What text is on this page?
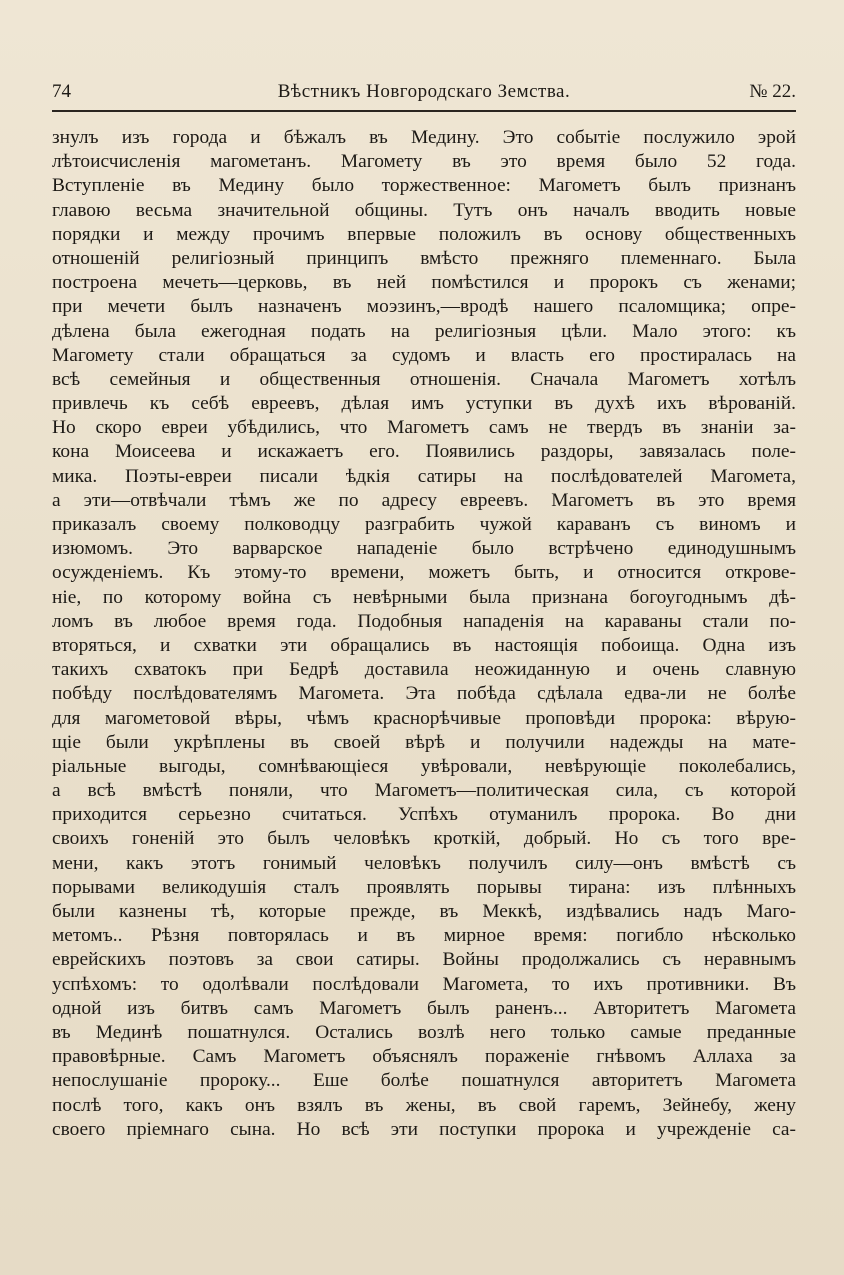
74	Вѣстникъ Новгородскаго Земства.	№ 22.
знулъ изъ города и бѣжалъ въ Медину. Это событіе послужило эрой
лѣтоисчисленія магометанъ. Магомету въ это время было 52 года.
Вступленіе въ Медину было торжественное: Магометъ былъ признанъ
главою весьма значительной общины. Тутъ онъ началъ вводить новые
порядки и между прочимъ впервые положилъ въ основу общественныхъ
отношеній религіозный принципъ вмѣсто прежняго племеннаго. Была
построена мечеть—церковь, въ ней помѣстился и пророкъ съ женами;
при мечети былъ назначенъ моэзинъ,—вродѣ нашего псаломщика; опре-
дѣлена была ежегодная подать на религіозныя цѣли. Мало этого: къ
Магомету стали обращаться за судомъ и власть его простиралась на
всѣ семейныя и общественныя отношенія. Сначала Магометъ хотѣлъ
привлечь къ себѣ евреевъ, дѣлая имъ уступки въ духѣ ихъ вѣрованій.
Но скоро евреи убѣдились, что Магометъ самъ не твердъ въ знаніи за-
кона Моисеева и искажаетъ его. Появились раздоры, завязалась поле-
мика. Поэты-евреи писали ѣдкія сатиры на послѣдователей Магомета,
а эти—отвѣчали тѣмъ же по адресу евреевъ. Магометъ въ это время
приказалъ своему полководцу разграбить чужой караванъ съ виномъ и
изюмомъ. Это варварское нападеніе было встрѣчено единодушнымъ
осужденіемъ. Къ этому-то времени, можетъ быть, и относится открове-
ніе, по которому война съ невѣрными была признана богоугоднымъ дѣ-
ломъ въ любое время года. Подобныя нападенія на караваны стали по-
вторяться, и схватки эти обращались въ настоящія побоища. Одна изъ
такихъ схватокъ при Бедрѣ доставила неожиданную и очень славную
побѣду послѣдователямъ Магомета. Эта побѣда сдѣлала едва-ли не болѣе
для магометовой вѣры, чѣмъ краснорѣчивые проповѣди пророка: вѣрую-
щіе были укрѣплены въ своей вѣрѣ и получили надежды на мате-
ріальные выгоды, сомнѣвающіеся увѣровали, невѣрующіе поколебались,
а всѣ вмѣстѣ поняли, что Магометъ—политическая сила, съ которой
приходится серьезно считаться. Успѣхъ отуманилъ пророка. Во дни
своихъ гоненій это былъ человѣкъ кроткій, добрый. Но съ того вре-
мени, какъ этотъ гонимый человѣкъ получилъ силу—онъ вмѣстѣ съ
порывами великодушія сталъ проявлять порывы тирана: изъ плѣнныхъ
были казнены тѣ, которые прежде, въ Меккѣ, издѣвались надъ Маго-
метомъ.. Рѣзня повторялась и въ мирное время: погибло нѣсколько
еврейскихъ поэтовъ за свои сатиры. Войны продолжались съ неравнымъ
успѣхомъ: то одолѣвали послѣдовали Магомета, то ихъ противники. Въ
одной изъ битвъ самъ Магометъ былъ раненъ... Авторитетъ Магомета
въ Мединѣ пошатнулся. Остались возлѣ него только самые преданные
правовѣрные. Самъ Магометъ объяснялъ пораженіе гнѣвомъ Аллаха за
непослушаніе пророку... Еше болѣе пошатнулся авторитетъ Магомета
послѣ того, какъ онъ взялъ въ жены, въ свой гаремъ, Зейнебу, жену
своего пріемнаго сына. Но всѣ эти поступки пророка и учрежденіе са-
